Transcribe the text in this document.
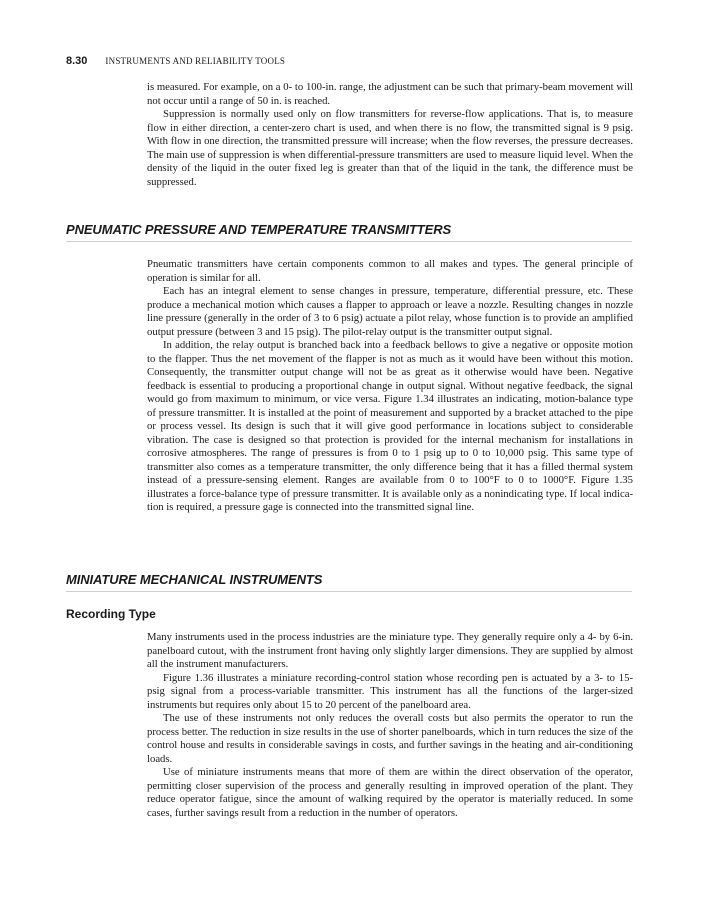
8.30 INSTRUMENTS AND RELIABILITY TOOLS

is measured. For example, on a 0- to 100-in. range, the adjustment can be such that primary-beam movement will not occur until a range of 50 in. is reached.

Suppression is normally used only on flow transmitters for reverse-flow applications. That is, to measure flow in either direction, a center-zero chart is used, and when there is no flow, the transmitted signal is 9 psig. With flow in one direction, the transmitted pressure will increase; when the flow reverses, the pressure decreases. The main use of suppression is when differential-pressure transmitters are used to measure liquid level. When the density of the liquid in the outer fixed leg is greater than that of the liquid in the tank, the difference must be suppressed.

PNEUMATIC PRESSURE AND TEMPERATURE TRANSMITTERS

Pneumatic transmitters have certain components common to all makes and types. The general principle of operation is similar for all.

Each has an integral element to sense changes in pressure, temperature, differential pressure, etc. These produce a mechanical motion which causes a flapper to approach or leave a nozzle. Resulting changes in nozzle line pressure (generally in the order of 3 to 6 psig) actuate a pilot relay, whose function is to provide an amplified output pressure (between 3 and 15 psig). The pilot-relay output is the transmitter output signal.

In addition, the relay output is branched back into a feedback bellows to give a negative or opposite motion to the flapper. Thus the net movement of the flapper is not as much as it would have been without this motion. Consequently, the transmitter output change will not be as great as it otherwise would have been. Negative feedback is essential to producing a proportional change in output signal. Without negative feedback, the signal would go from maximum to minimum, or vice versa. Figure 1.34 illustrates an indicating, motion-balance type of pressure transmitter. It is installed at the point of measurement and supported by a bracket attached to the pipe or process vessel. Its design is such that it will give good performance in locations subject to considerable vibration. The case is designed so that protection is provided for the internal mechanism for installations in corrosive atmospheres. The range of pressures is from 0 to 1 psig up to 0 to 10,000 psig. This same type of transmitter also comes as a temperature transmitter, the only difference being that it has a filled thermal system instead of a pressure-sensing element. Ranges are available from 0 to 100°F to 0 to 1000°F. Figure 1.35 illustrates a force-balance type of pressure transmitter. It is available only as a nonindicating type. If local indication is required, a pressure gage is connected into the transmitted signal line.

MINIATURE MECHANICAL INSTRUMENTS
Recording Type

Many instruments used in the process industries are the miniature type. They generally require only a 4- by 6-in. panelboard cutout, with the instrument front having only slightly larger dimensions. They are supplied by almost all the instrument manufacturers.

Figure 1.36 illustrates a miniature recording-control station whose recording pen is actuated by a 3- to 15-psig signal from a process-variable transmitter. This instrument has all the functions of the larger-sized instruments but requires only about 15 to 20 percent of the panelboard area.

The use of these instruments not only reduces the overall costs but also permits the operator to run the process better. The reduction in size results in the use of shorter panelboards, which in turn reduces the size of the control house and results in considerable savings in costs, and further savings in the heating and air-conditioning loads.

Use of miniature instruments means that more of them are within the direct observation of the operator, permitting closer supervision of the process and generally resulting in improved operation of the plant. They reduce operator fatigue, since the amount of walking required by the operator is materially reduced. In some cases, further savings result from a reduction in the number of operators.
